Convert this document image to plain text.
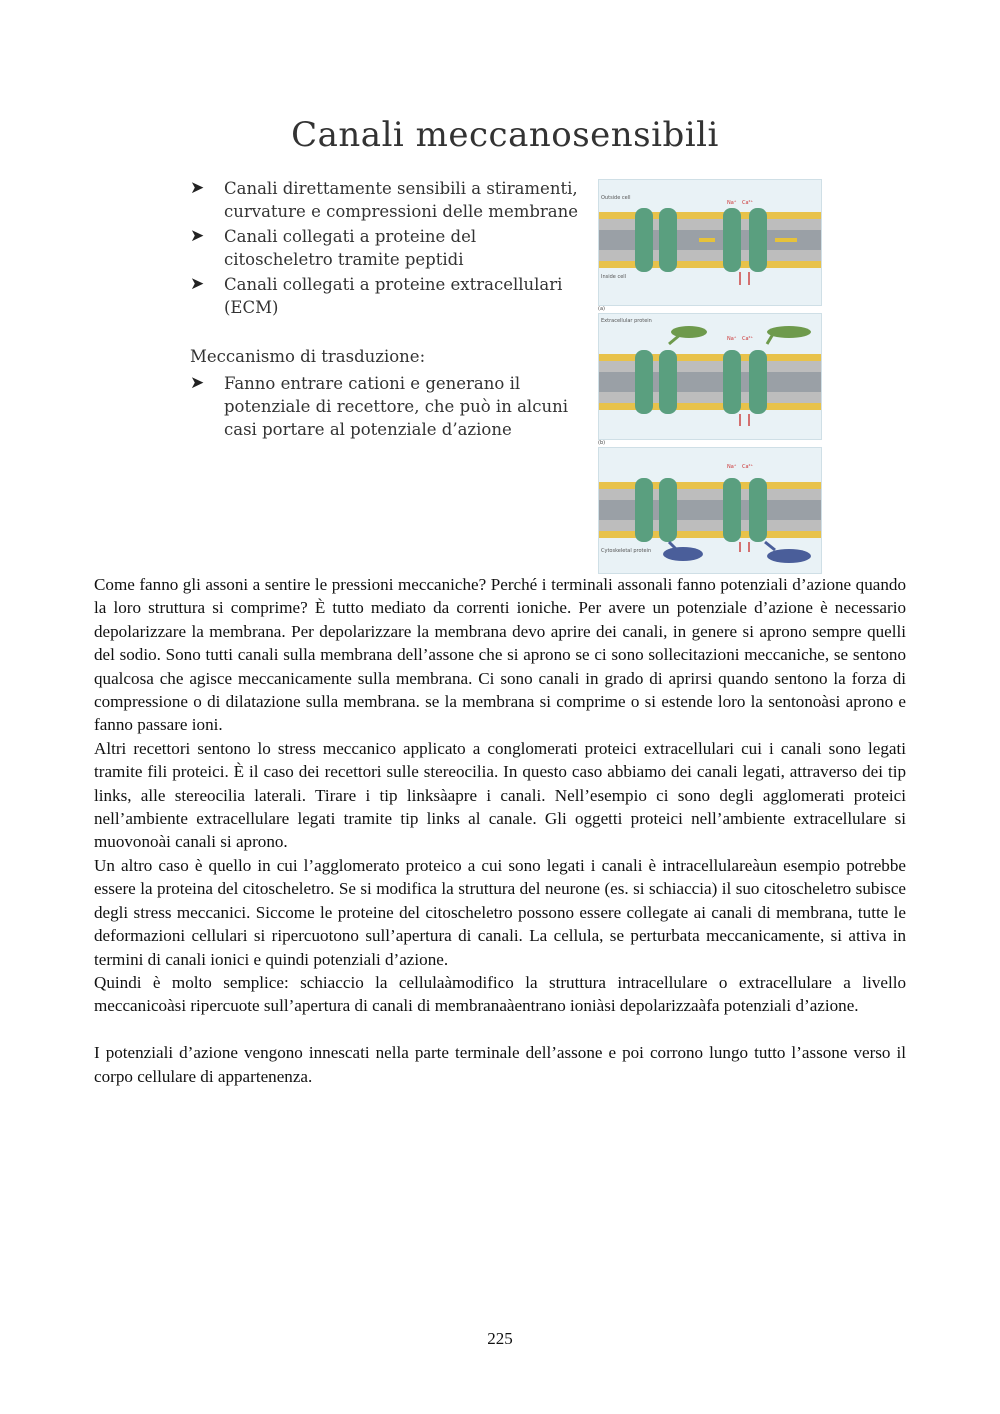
Canali meccanosensibili
➤	Canali direttamente sensibili a stiramenti, curvature e compressioni delle membrane
➤	Canali collegati a proteine del citoscheletro tramite peptidi
➤	Canali collegati a proteine extracellulari (ECM)
Meccanismo di trasduzione:
➤	Fanno entrare cationi e generano il potenziale di recettore, che può in alcuni casi portare al potenziale d’azione
Outside cell
Inside cell
Na⁺ Ca²⁺
(a)
Extracellular protein
Na⁺ Ca²⁺
(b)
Cytoskeletal protein
Na⁺ Ca²⁺

Come fanno gli assoni a sentire le pressioni meccaniche? Perché i terminali assonali fanno potenziali d’azione quando la loro struttura si comprime? È tutto mediato da correnti ioniche. Per avere un potenziale d’azione è necessario depolarizzare la membrana. Per depolarizzare la membrana devo aprire dei canali, in genere si aprono sempre quelli del sodio. Sono tutti canali sulla membrana dell’assone che si aprono se ci sono sollecitazioni meccaniche, se sentono qualcosa che agisce meccanicamente sulla membrana. Ci sono canali in grado di aprirsi quando sentono la forza di compressione o di dilatazione sulla membrana. se la membrana si comprime o si estende loro la sentonoàsi aprono e fanno passare ioni.

Altri recettori sentono lo stress meccanico applicato a conglomerati proteici extracellulari cui i canali sono legati tramite fili proteici. È il caso dei recettori sulle stereocilia. In questo caso abbiamo dei canali legati, attraverso dei tip links, alle stereocilia laterali. Tirare i tip linksàapre i canali. Nell’esempio ci sono degli agglomerati proteici nell’ambiente extracellulare legati tramite tip links al canale. Gli oggetti proteici nell’ambiente extracellulare si muovonoài canali si aprono.

Un altro caso è quello in cui l’agglomerato proteico a cui sono legati i canali è intracellulareàun esempio potrebbe essere la proteina del citoscheletro. Se si modifica la struttura del neurone (es. si schiaccia) il suo citoscheletro subisce degli stress meccanici. Siccome le proteine del citoscheletro possono essere collegate ai canali di membrana, tutte le deformazioni cellulari si ripercuotono sull’apertura di canali. La cellula, se perturbata meccanicamente, si attiva in termini di canali ionici e quindi potenziali d’azione.

Quindi è molto semplice: schiaccio la cellulaàmodifico la struttura intracellulare o extracellulare a livello meccanicoàsi ripercuote sull’apertura di canali di membranaàentrano ioniàsi depolarizzaàfa potenziali d’azione.

I potenziali d’azione vengono innescati nella parte terminale dell’assone e poi corrono lungo tutto l’assone verso il corpo cellulare di appartenenza.

225
